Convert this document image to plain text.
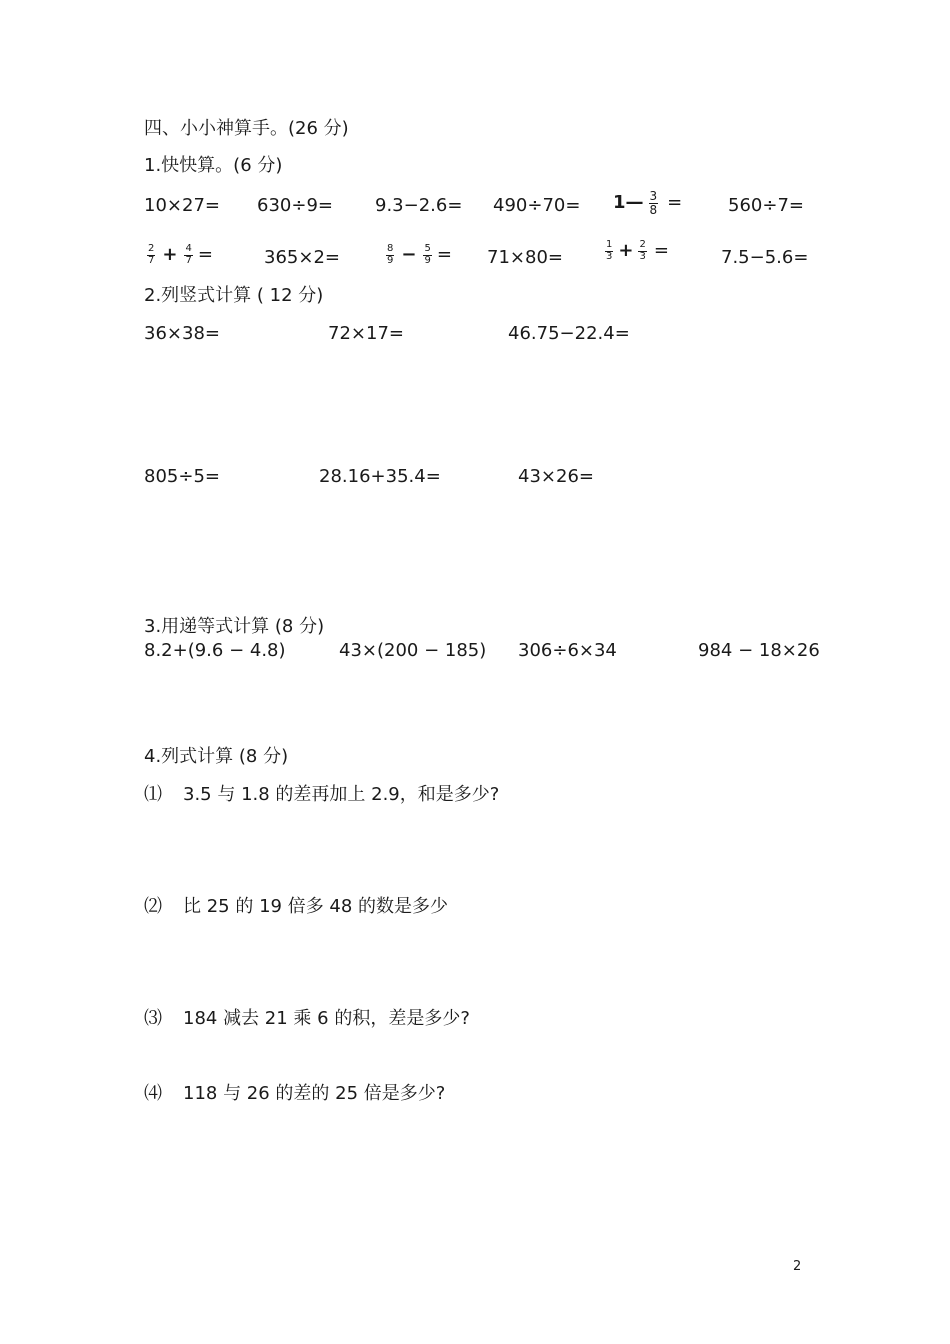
四、小小神算手。(26 分)
1.快快算。(6 分)
10×27= 630÷9= 9.3−2.6= 490÷70= 1 — $\frac{3}{8}$ =	560÷7=
$\frac{2}{7} + \frac{4}{7}$ =	365×2=	$\frac{8}{9} - \frac{5}{9} = 71\times 80=$	$\frac{1}{3} + \frac{2}{3}$ =	7.5−5.6=
2.列竖式计算 ( 12 分)
36×38=	72×17=	46.75−22.4=
805÷5=	28.16+35.4=	43×26=
3.用递等式计算 (8 分)
8.2+(9.6 − 4.8)	43×(200 − 185) 306÷6×34	984 − 18×26
4.列式计算 (8 分)
⑴ 3.5 与 1.8 的差再加上 2.9，和是多少?
⑵ 比 25 的 19 倍多 48 的数是多少
⑶ 184 减去 21 乘 6 的积，差是多少?
⑷ 118 与 26 的差的 25 倍是多少?
2
